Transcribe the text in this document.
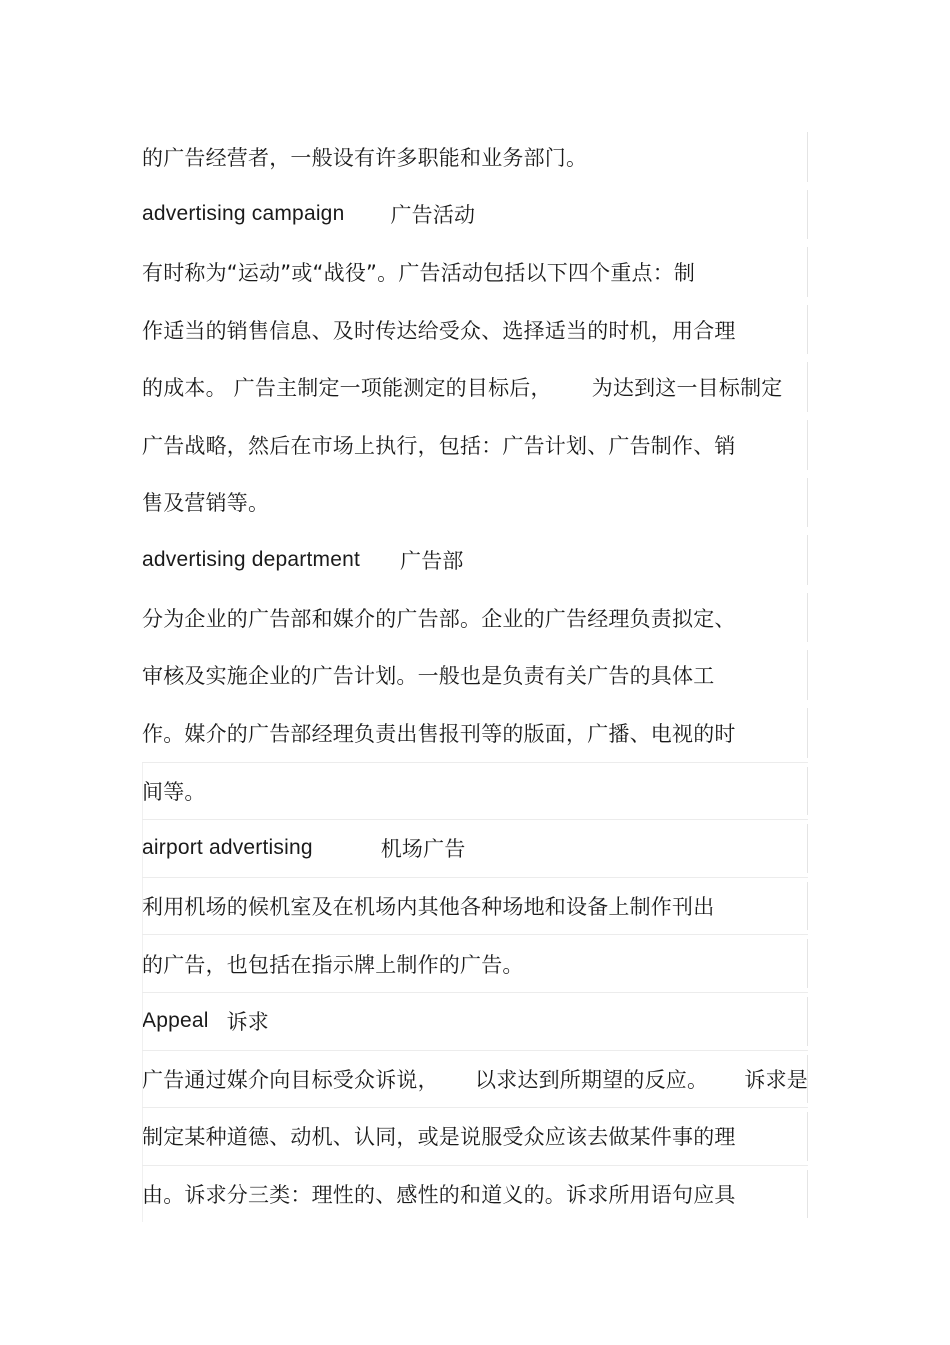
的广告经营者，一般设有许多职能和业务部门。
advertising campaign 广告活动
有时称为“运动”或“战役”。广告活动包括以下四个重点：制
作适当的销售信息、及时传达给受众、选择适当的时机，用合理
的成本。 广告主制定一项能测定的目标后， 为达到这一目标制定
广告战略，然后在市场上执行，包括：广告计划、广告制作、销
售及营销等。
advertising department 广告部
分为企业的广告部和媒介的广告部。企业的广告经理负责拟定、
审核及实施企业的广告计划。一般也是负责有关广告的具体工
作。媒介的广告部经理负责出售报刊等的版面，广播、电视的时
间等。
airport advertising	机场广告
利用机场的候机室及在机场内其他各种场地和设备上制作刊出
的广告，也包括在指示牌上制作的广告。
Appeal 诉求
广告通过媒介向目标受众诉说， 以求达到所期望的反应。 诉求是
制定某种道德、动机、认同，或是说服受众应该去做某件事的理
由。诉求分三类：理性的、感性的和道义的。诉求所用语句应具
